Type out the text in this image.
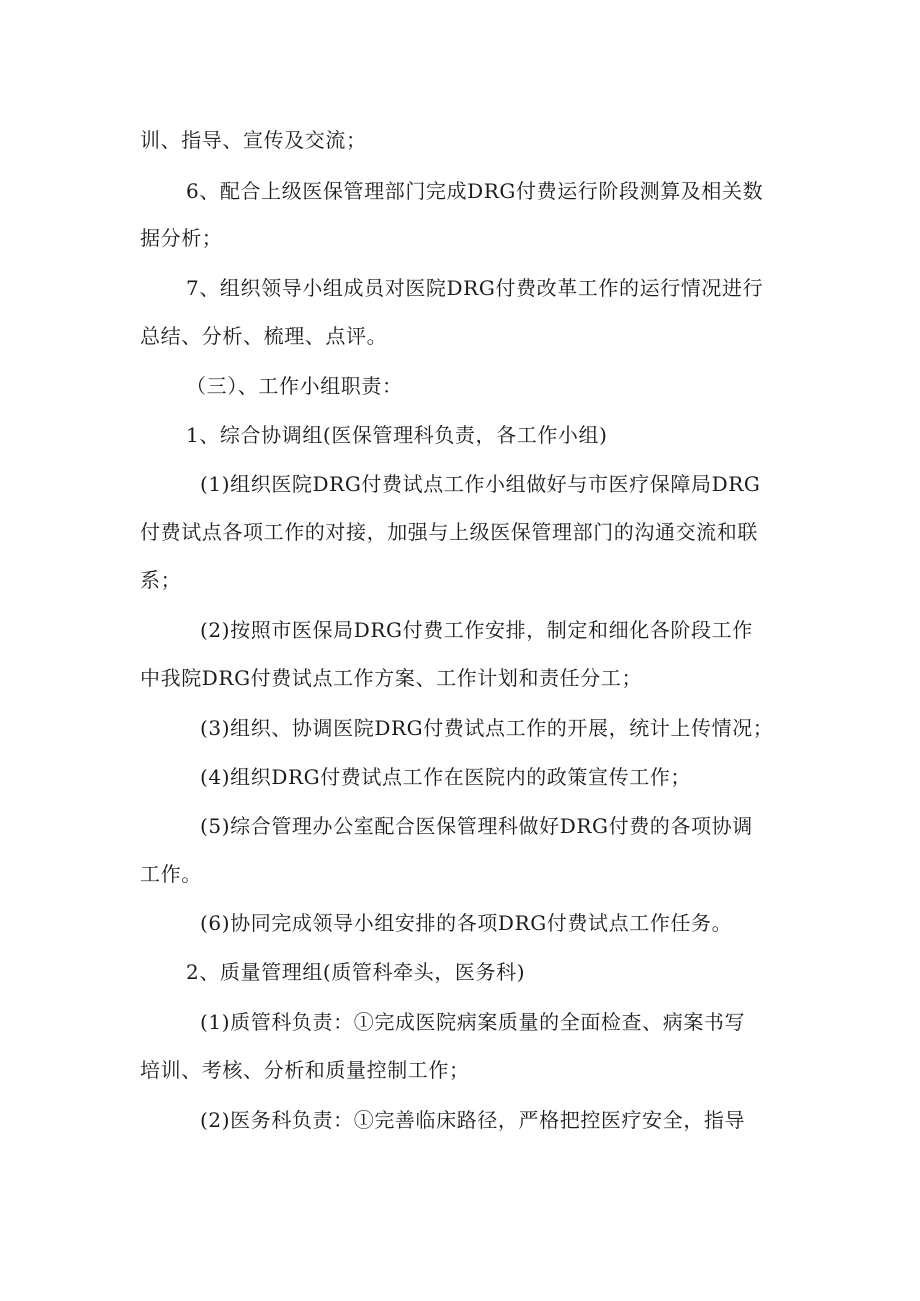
训、指导、宣传及交流；
6、配合上级医保管理部门完成DRG付费运行阶段测算及相关数
据分析；
7、组织领导小组成员对医院DRG付费改革工作的运行情况进行
总结、分析、梳理、点评。
（三）、工作小组职责：
1、综合协调组(医保管理科负责，各工作小组)
(1)组织医院DRG付费试点工作小组做好与市医疗保障局DRG
付费试点各项工作的对接，加强与上级医保管理部门的沟通交流和联
系；
(2)按照市医保局DRG付费工作安排，制定和细化各阶段工作
中我院DRG付费试点工作方案、工作计划和责任分工；
(3)组织、协调医院DRG付费试点工作的开展，统计上传情况；
(4)组织DRG付费试点工作在医院内的政策宣传工作；
(5)综合管理办公室配合医保管理科做好DRG付费的各项协调
工作。
(6)协同完成领导小组安排的各项DRG付费试点工作任务。
2、质量管理组(质管科牵头，医务科)
(1)质管科负责：①完成医院病案质量的全面检查、病案书写
培训、考核、分析和质量控制工作；
(2)医务科负责：①完善临床路径，严格把控医疗安全，指导
